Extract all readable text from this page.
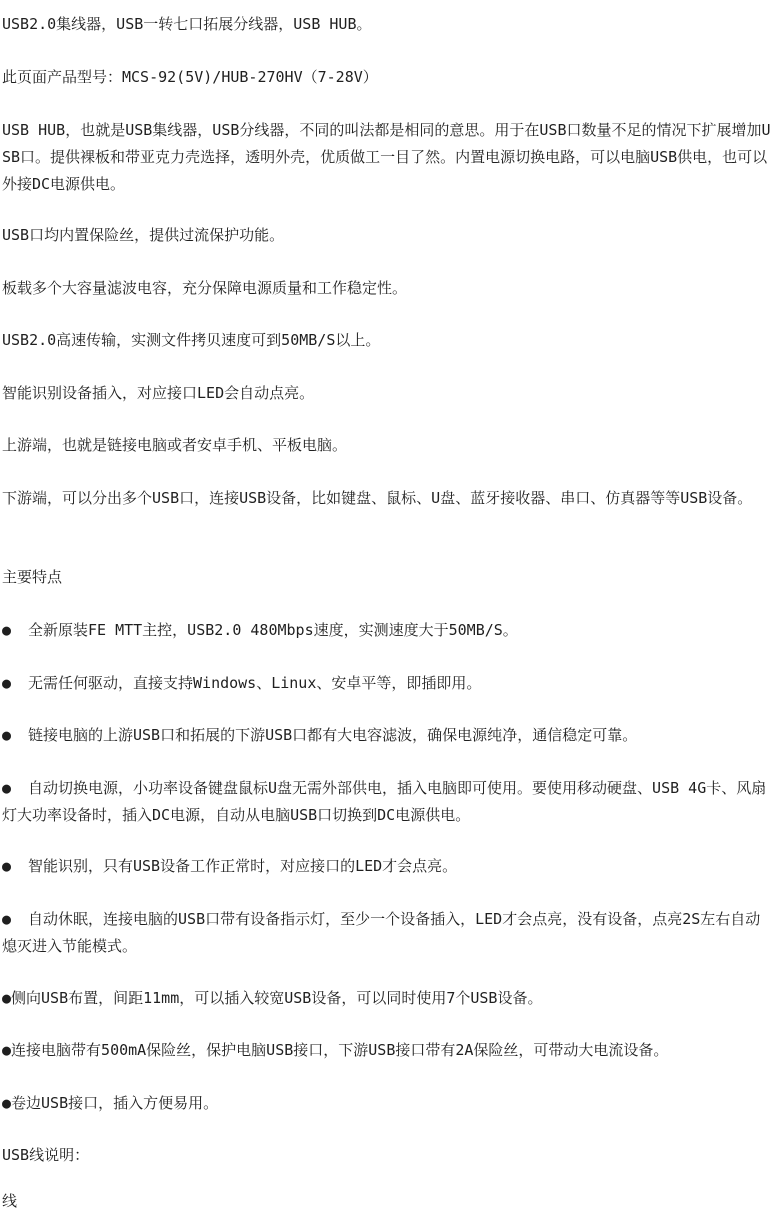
USB2.0集线器，USB一转七口拓展分线器，USB HUB。

此页面产品型号：MCS-92(5V)/HUB-270HV（7-28V）

USB HUB，也就是USB集线器，USB分线器，不同的叫法都是相同的意思。用于在USB口数量不足的情况下扩展增加USB口。提供裸板和带亚克力壳选择，透明外壳，优质做工一目了然。内置电源切换电路，可以电脑USB供电，也可以外接DC电源供电。

USB口均内置保险丝，提供过流保护功能。

板载多个大容量滤波电容，充分保障电源质量和工作稳定性。

USB2.0高速传输，实测文件拷贝速度可到50MB/S以上。

智能识别设备插入，对应接口LED会自动点亮。

上游端，也就是链接电脑或者安卓手机、平板电脑。

下游端，可以分出多个USB口，连接USB设备，比如键盘、鼠标、U盘、蓝牙接收器、串口、仿真器等等USB设备。

主要特点

● 全新原装FE MTT主控，USB2.0 480Mbps速度，实测速度大于50MB/S。

● 无需任何驱动，直接支持Windows、Linux、安卓平等，即插即用。

● 链接电脑的上游USB口和拓展的下游USB口都有大电容滤波，确保电源纯净，通信稳定可靠。

● 自动切换电源，小功率设备键盘鼠标U盘无需外部供电，插入电脑即可使用。要使用移动硬盘、USB 4G卡、风扇灯大功率设备时，插入DC电源，自动从电脑USB口切换到DC电源供电。

● 智能识别，只有USB设备工作正常时，对应接口的LED才会点亮。

● 自动休眠，连接电脑的USB口带有设备指示灯，至少一个设备插入，LED才会点亮，没有设备，点亮2S左右自动熄灭进入节能模式。

●侧向USB布置，间距11mm，可以插入较宽USB设备，可以同时使用7个USB设备。

●连接电脑带有500mA保险丝，保护电脑USB接口，下游USB接口带有2A保险丝，可带动大电流设备。

●卷边USB接口，插入方便易用。

USB线说明：

线
